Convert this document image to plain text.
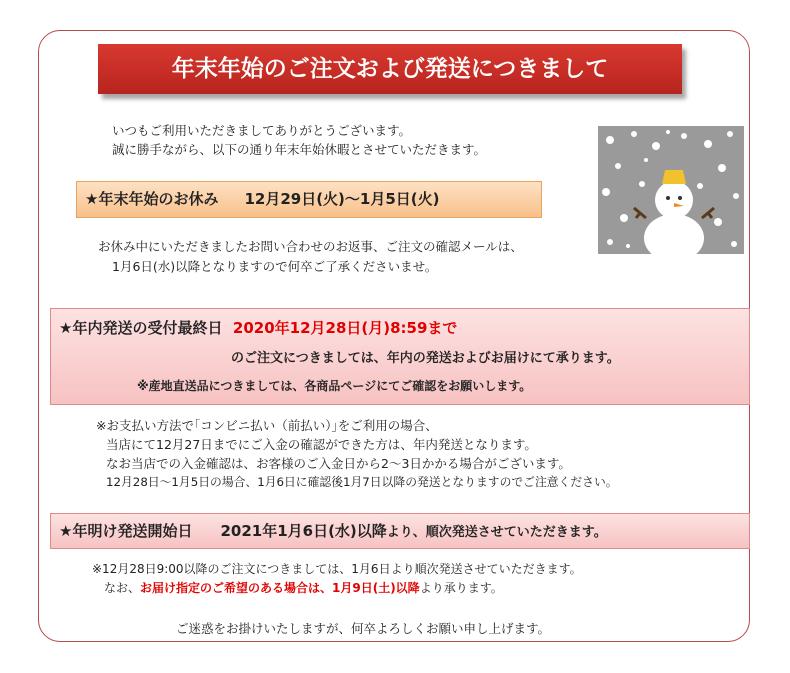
年末年始のご注文および発送につきまして
いつもご利用いただきましてありがとうございます。
誠に勝手ながら、以下の通り年末年始休暇とさせていただきます。
★年末年始のお休み 12月29日(火)～1月5日(火)
お休み中にいただきましたお問い合わせのお返事、ご注文の確認メールは、
1月6日(水)以降となりますので何卒ご了承くださいませ。
★年内発送の受付最終日 2020年12月28日(月)8:59まで
のご注文につきましては、年内の発送およびお届けにて承ります。
※産地直送品につきましては、各商品ページにてご確認をお願いします。
※お支払い方法で｢コンビニ払い（前払い）｣をご利用の場合、
当店にて12月27日までにご入金の確認ができた方は、年内発送となります。
なお当店での入金確認は、お客様のご入金日から2～3日かかる場合がございます。
12月28日～1月5日の場合、1月6日に確認後1月7日以降の発送となりますのでご注意ください。
★年明け発送開始日 2021年1月6日(水)以降より、順次発送させていただきます。
※12月28日9:00以降のご注文につきましては、1月6日より順次発送させていただきます。
なお、お届け指定のご希望のある場合は、1月9日(土)以降より承ります。
ご迷惑をお掛けいたしますが、何卒よろしくお願い申し上げます。
